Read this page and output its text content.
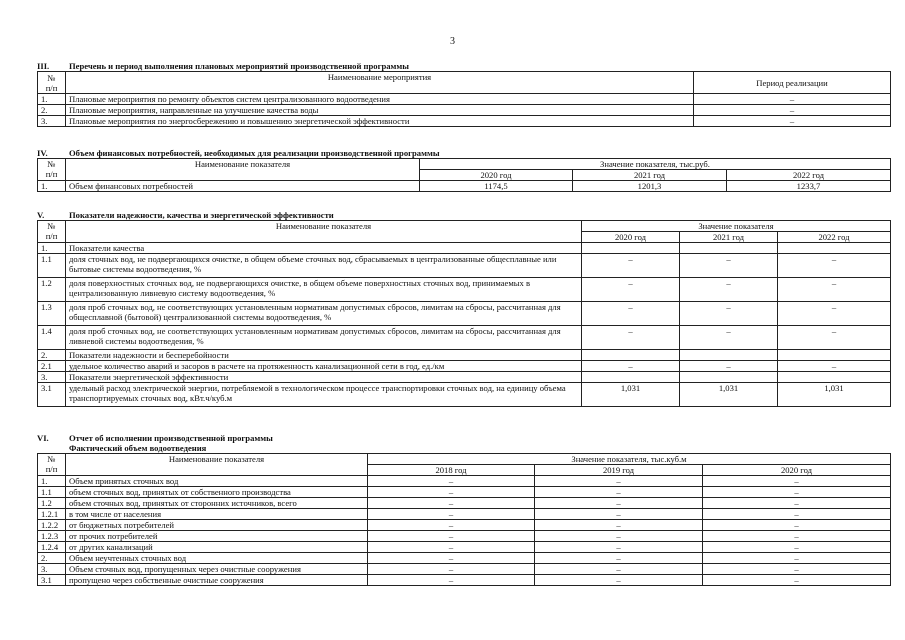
3
III. Перечень и период выполнения плановых мероприятий производственной программы
№
п/п	Наименование мероприятия	Период реализации
1.	Плановые мероприятия по ремонту объектов систем централизованного водоотведения	–
2.	Плановые мероприятия, направленные на улучшение качества воды	–
3.	Плановые мероприятия по энергосбережению и повышению энергетической эффективности	–
IV. Объем финансовых потребностей, необходимых для реализации производственной программы
№
п/п	Наименование показателя	Значение показателя, тыс.руб.		
		2020 год	2021 год	2022 год
1.	Объем финансовых потребностей	1174,5	1201,3	1233,7
V.	Показатели надежности, качества и энергетической эффективности
№
п/п	Наименование показателя	Значение показателя		
		2020 год	2021 год	2022 год
1.	Показатели качества			
1.1	доля сточных вод, не подвергающихся очистке, в общем объеме сточных вод, сбрасываемых в централизованные общесплавные или бытовые системы водоотведения, %	–	–	–
1.2	доля поверхностных сточных вод, не подвергающихся очистке, в общем объеме поверхностных сточных вод, принимаемых в централизованную ливневую систему водоотведения, %	–	–	–
1.3	доля проб сточных вод, не соответствующих установленным нормативам допустимых сбросов, лимитам на сбросы, рассчитанная для общесплавной (бытовой) централизованной системы водоотведения, %	–	–	–
1.4	доля проб сточных вод, не соответствующих установленным нормативам допустимых сбросов, лимитам на сбросы, рассчитанная для ливневой системы водоотведения, %	–	–	–
2.	Показатели надежности и бесперебойности			
2.1	удельное количество аварий и засоров в расчете на протяженность канализационной сети в год, ед./км	–	–	–
3.	Показатели энергетической эффективности			
3.1	удельный расход электрической энергии, потребляемой в технологическом процессе транспортировки сточных вод, на единицу объема транспортируемых сточных вод, кВт.ч/куб.м	1,031	1,031	1,031
VI. Отчет об исполнении производственной программы
Фактический объем водоотведения
№
п/п	Наименование показателя	Значение показателя, тыс.куб.м		
		2018 год	2019 год	2020 год
1.	Объем принятых сточных вод	–	–	–
1.1	объем сточных вод, принятых от собственного производства	–	–	–
1.2	объем сточных вод, принятых от сторонних источников, всего	–	–	–
1.2.1	в том числе от населения	–	–	–
1.2.2	от бюджетных потребителей	–	–	–
1.2.3	от прочих потребителей	–	–	–
1.2.4	от других канализаций	–	–	–
2.	Объем неучтенных сточных вод	–	–	–
3.	Объем сточных вод, пропущенных через очистные сооружения	–	–	–
3.1	пропущено через собственные очистные сооружения	–	–	–
